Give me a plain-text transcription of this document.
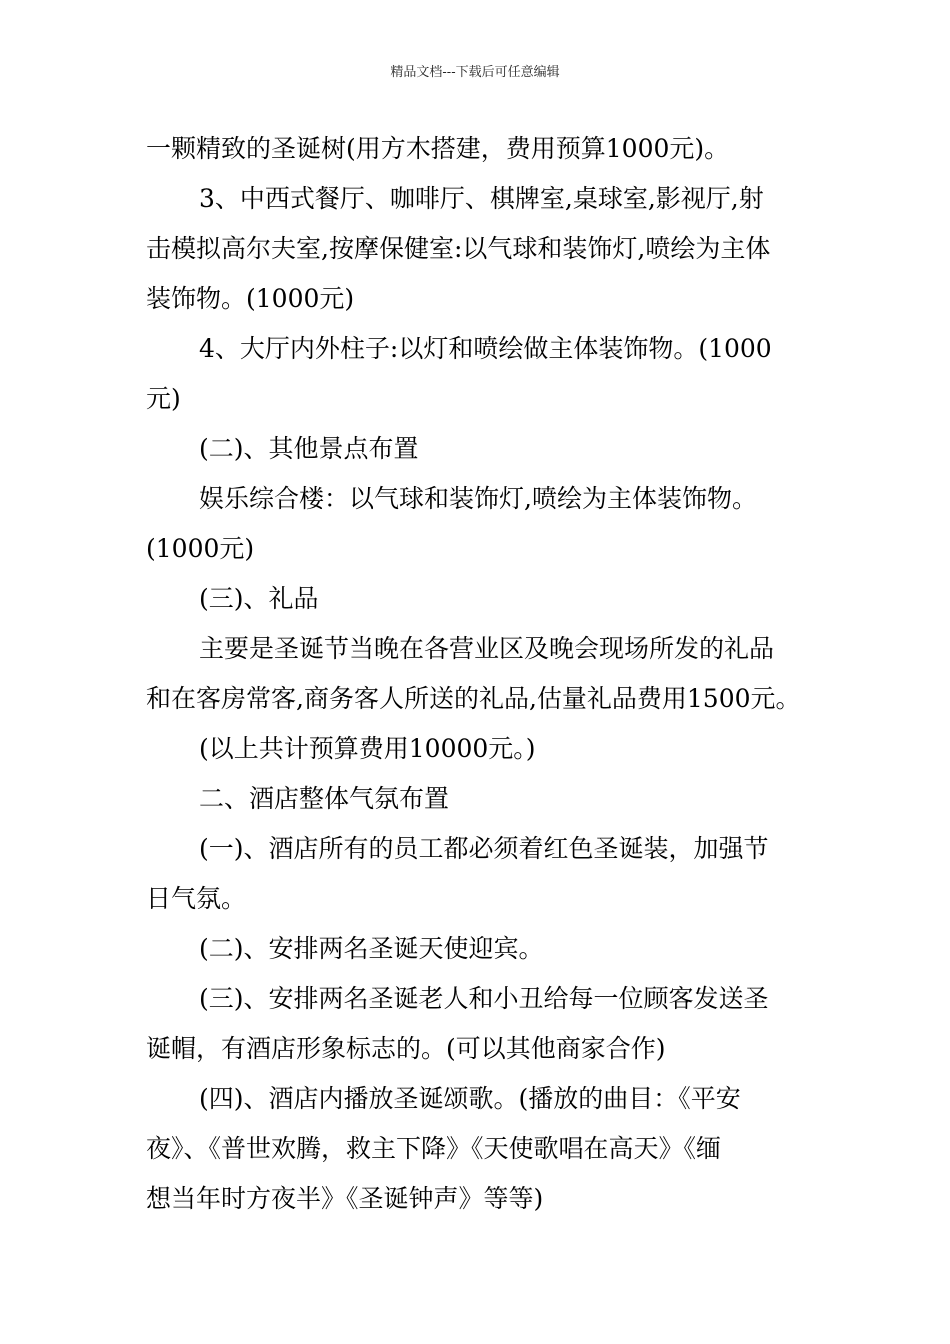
精品文档---下载后可任意编辑

一颗精致的圣诞树(用方木搭建，费用预算1000元)。

3、中西式餐厅、咖啡厅、棋牌室,桌球室,影视厅,射
击模拟高尔夫室,按摩保健室:以气球和装饰灯,喷绘为主体
装饰物。(1000元)

4、大厅内外柱子:以灯和喷绘做主体装饰物。(1000
元)

(二)、其他景点布置

娱乐综合楼：以气球和装饰灯,喷绘为主体装饰物。
(1000元)

(三)、礼品

主要是圣诞节当晚在各营业区及晚会现场所发的礼品
和在客房常客,商务客人所送的礼品,估量礼品费用1500元。

(以上共计预算费用10000元。)

二、酒店整体气氛布置

(一)、酒店所有的员工都必须着红色圣诞装，加强节
日气氛。

(二)、安排两名圣诞天使迎宾。

(三)、安排两名圣诞老人和小丑给每一位顾客发送圣
诞帽，有酒店形象标志的。(可以其他商家合作)

(四)、酒店内播放圣诞颂歌。(播放的曲目：《平安
夜》、《普世欢腾，救主下降》《天使歌唱在高天》《缅
想当年时方夜半》《圣诞钟声》等等)
